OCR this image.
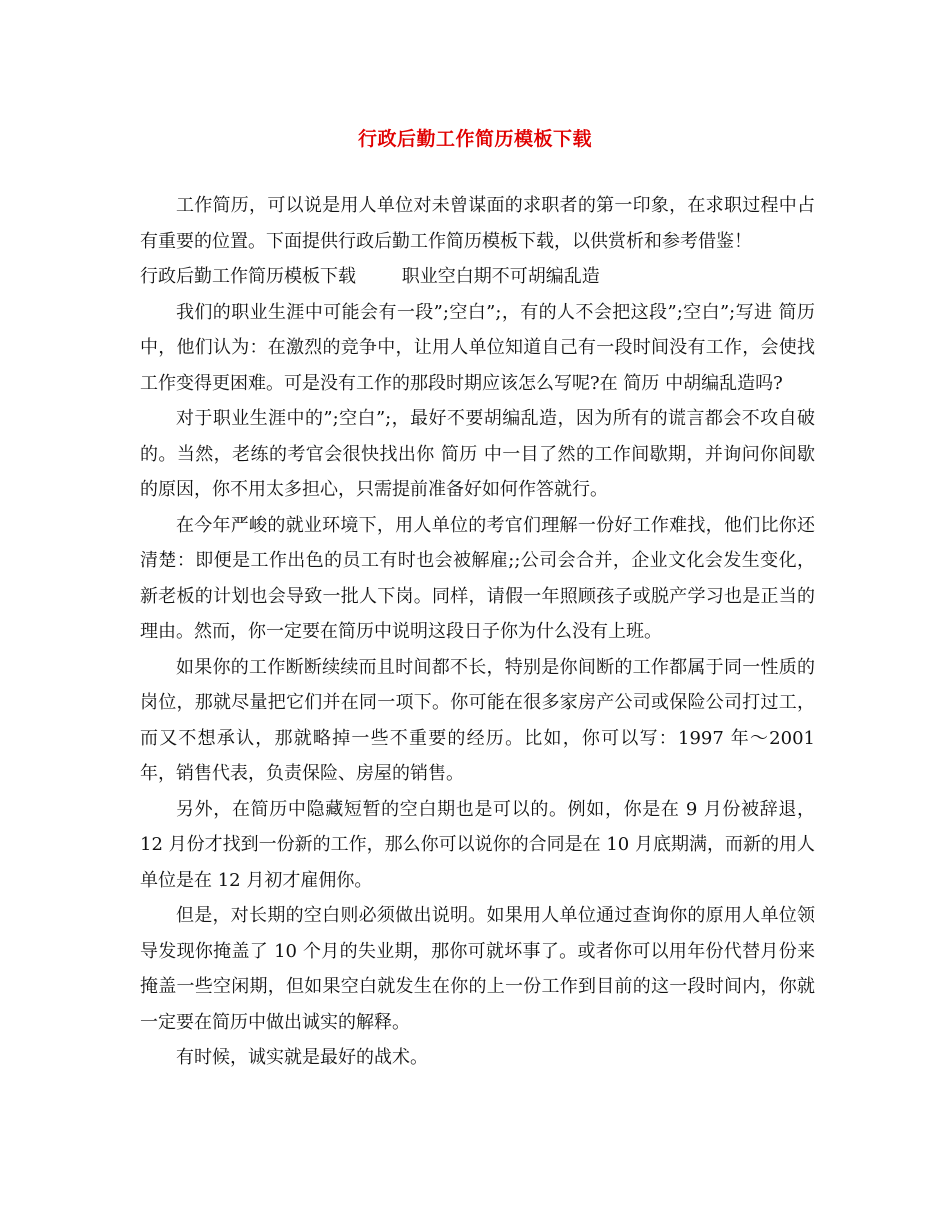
行政后勤工作简历模板下载

工作简历，可以说是用人单位对未曾谋面的求职者的第一印象，在求职过程中占有重要的位置。下面提供行政后勤工作简历模板下载，以供赏析和参考借鉴！

行政后勤工作简历模板下载        职业空白期不可胡编乱造

我们的职业生涯中可能会有一段”;空白”;，有的人不会把这段”;空白”;写进 简历 中，他们认为：在激烈的竞争中，让用人单位知道自己有一段时间没有工作，会使找工作变得更困难。可是没有工作的那段时期应该怎么写呢?在 简历 中胡编乱造吗?

对于职业生涯中的”;空白”;，最好不要胡编乱造，因为所有的谎言都会不攻自破的。当然，老练的考官会很快找出你 简历 中一目了然的工作间歇期，并询问你间歇的原因，你不用太多担心，只需提前准备好如何作答就行。

在今年严峻的就业环境下，用人单位的考官们理解一份好工作难找，他们比你还清楚：即便是工作出色的员工有时也会被解雇;;公司会合并，企业文化会发生变化，新老板的计划也会导致一批人下岗。同样，请假一年照顾孩子或脱产学习也是正当的理由。然而，你一定要在简历中说明这段日子你为什么没有上班。

如果你的工作断断续续而且时间都不长，特别是你间断的工作都属于同一性质的岗位，那就尽量把它们并在同一项下。你可能在很多家房产公司或保险公司打过工，而又不想承认，那就略掉一些不重要的经历。比如，你可以写：1997 年～2001 年，销售代表，负责保险、房屋的销售。

另外，在简历中隐藏短暂的空白期也是可以的。例如，你是在 9 月份被辞退，12 月份才找到一份新的工作，那么你可以说你的合同是在 10 月底期满，而新的用人单位是在 12 月初才雇佣你。

但是，对长期的空白则必须做出说明。如果用人单位通过查询你的原用人单位领导发现你掩盖了 10 个月的失业期，那你可就坏事了。或者你可以用年份代替月份来掩盖一些空闲期，但如果空白就发生在你的上一份工作到目前的这一段时间内，你就一定要在简历中做出诚实的解释。

有时候，诚实就是最好的战术。
